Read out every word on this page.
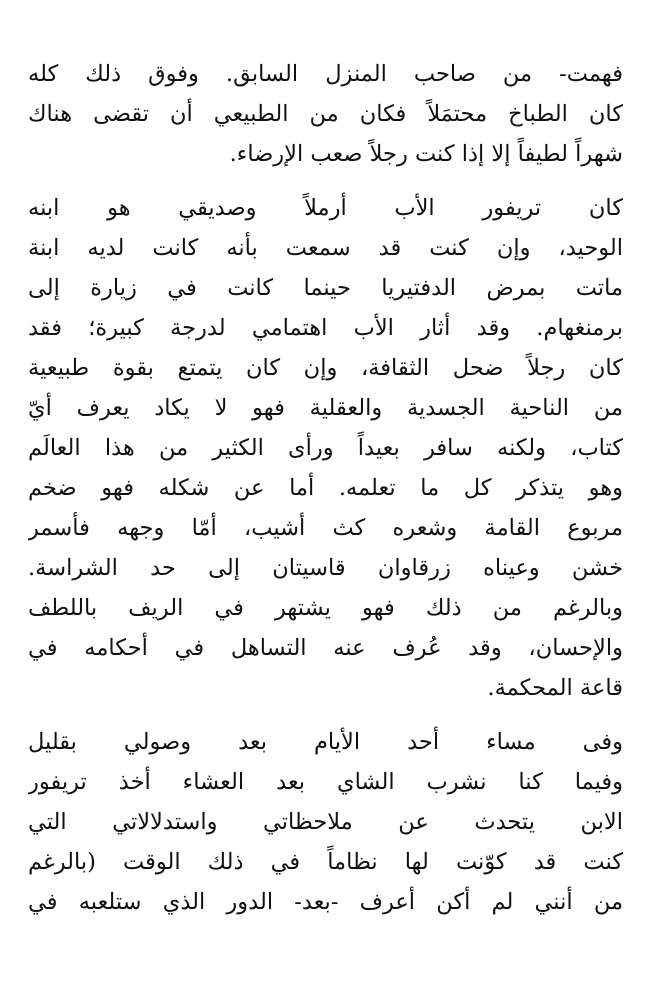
فهمت- من صاحب المنزل السابق. وفوق ذلك كله
كان الطباخ محتمَلاً فكان من الطبيعي أن تقضى هناك
شهراً لطيفاً إلا إذا كنت رجلاً صعب الإرضاء.
كان تريفور الأب أرملاً وصديقي هو ابنه
الوحيد، وإن كنت قد سمعت بأنه كانت لديه ابنة
ماتت بمرض الدفتيريا حينما كانت في زيارة إلى
برمنغهام. وقد أثار الأب اهتمامي لدرجة كبيرة؛ فقد
كان رجلاً ضحل الثقافة، وإن كان يتمتع بقوة طبيعية
من الناحية الجسدية والعقلية فهو لا يكاد يعرف أيّ
كتاب، ولكنه سافر بعيداً ورأى الكثير من هذا العالَم
وهو يتذكر كل ما تعلمه. أما عن شكله فهو ضخم
مربوع القامة وشعره كث أشيب، أمّا وجهه فأسمر
خشن وعيناه زرقاوان قاسيتان إلى حد الشراسة.
وبالرغم من ذلك فهو يشتهر في الريف باللطف
والإحسان، وقد عُرف عنه التساهل في أحكامه في
قاعة المحكمة.
وفى مساء أحد الأيام بعد وصولي بقليل
وفيما كنا نشرب الشاي بعد العشاء أخذ تريفور
الابن يتحدث عن ملاحظاتي واستدلالاتي التي
كنت قد كوّنت لها نظاماً في ذلك الوقت (بالرغم
من أنني لم أكن أعرف -بعد- الدور الذي ستلعبه في
